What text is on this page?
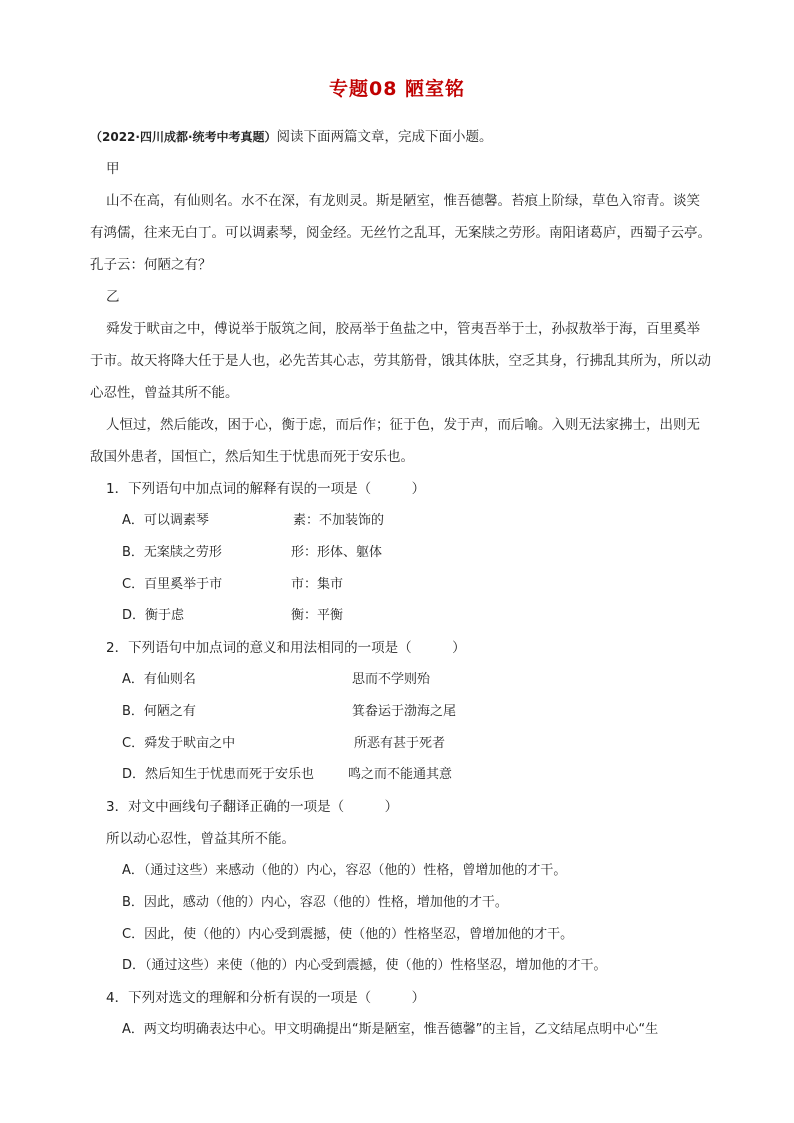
专题08 陋室铭
（2022·四川成都·统考中考真题）阅读下面两篇文章，完成下面小题。
甲
山不在高，有仙则名。水不在深，有龙则灵。斯是陋室，惟吾德馨。苔痕上阶绿，草色入帘青。谈笑
有鸿儒，往来无白丁。可以调素琴，阅金经。无丝竹之乱耳，无案牍之劳形。南阳诸葛庐，西蜀子云亭。
孔子云：何陋之有？
乙
舜发于畎亩之中，傅说举于版筑之间，胶鬲举于鱼盐之中，管夷吾举于士，孙叔敖举于海，百里奚举
于市。故天将降大任于是人也，必先苦其心志，劳其筋骨，饿其体肤，空乏其身，行拂乱其所为，所以动
心忍性，曾益其所不能。
人恒过，然后能改，困于心，衡于虑，而后作；征于色，发于声，而后喻。入则无法家拂士，出则无
敌国外患者，国恒亡，然后知生于忧患而死于安乐也。
1．下列语句中加点词的解释有误的一项是（　　　）
A．可以调素琴	素：不加装饰的
B．无案牍之劳形	形：形体、躯体
C．百里奚举于市	市：集市
D．衡于虑	衡：平衡
2．下列语句中加点词的意义和用法相同的一项是（　　　）
A．有仙则名	思而不学则殆
B．何陋之有	箕畚运于渤海之尾
C．舜发于畎亩之中	所恶有甚于死者
D．然后知生于忧患而死于安乐也	鸣之而不能通其意
3．对文中画线句子翻译正确的一项是（　　　）
所以动心忍性，曾益其所不能。
A．（通过这些）来感动（他的）内心，容忍（他的）性格，曾增加他的才干。
B．因此，感动（他的）内心，容忍（他的）性格，增加他的才干。
C．因此，使（他的）内心受到震撼，使（他的）性格坚忍，曾增加他的才干。
D．（通过这些）来使（他的）内心受到震撼，使（他的）性格坚忍，增加他的才干。
4．下列对选文的理解和分析有误的一项是（　　　）
A．两文均明确表达中心。甲文明确提出“斯是陋室，惟吾德馨”的主旨，乙文结尾点明中心“生
